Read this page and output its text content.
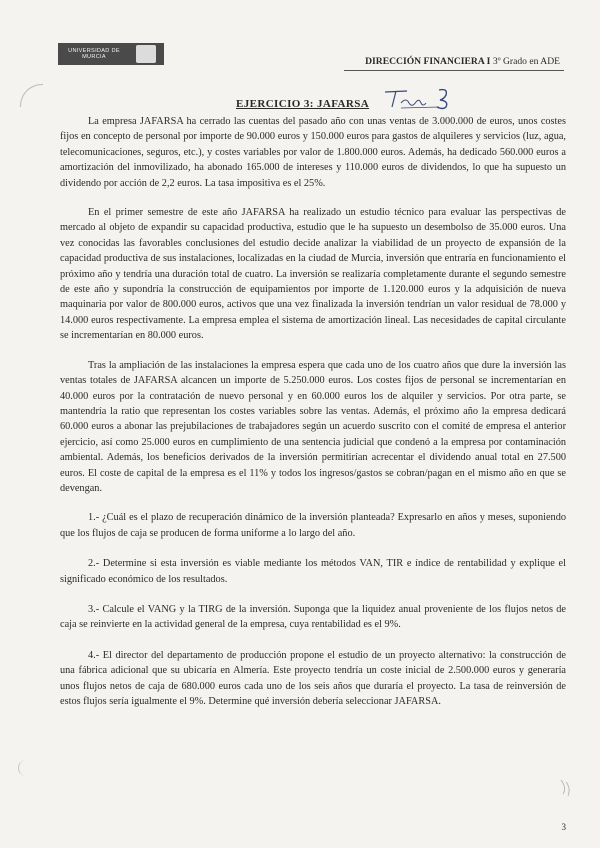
UNIVERSIDAD DE
MURCIA	DIRECCIÓN FINANCIERA I 3º Grado en ADE
EJERCICIO 3: JAFARSA

La empresa JAFARSA ha cerrado las cuentas del pasado año con unas ventas de 3.000.000 de euros, unos costes fijos en concepto de personal por importe de 90.000 euros y 150.000 euros para gastos de alquileres y servicios (luz, agua, telecomunicaciones, seguros, etc.), y costes variables por valor de 1.800.000 euros. Además, ha dedicado 560.000 euros a amortización del inmovilizado, ha abonado 165.000 de intereses y 110.000 euros de dividendos, lo que ha supuesto un dividendo por acción de 2,2 euros. La tasa impositiva es el 25%.

En el primer semestre de este año JAFARSA ha realizado un estudio técnico para evaluar las perspectivas de mercado al objeto de expandir su capacidad productiva, estudio que le ha supuesto un desembolso de 35.000 euros. Una vez conocidas las favorables conclusiones del estudio decide analizar la viabilidad de un proyecto de expansión de la capacidad productiva de sus instalaciones, localizadas en la ciudad de Murcia, inversión que entraría en funcionamiento el próximo año y tendría una duración total de cuatro. La inversión se realizaría completamente durante el segundo semestre de este año y supondría la construcción de equipamientos por importe de 1.120.000 euros y la adquisición de nueva maquinaria por valor de 800.000 euros, activos que una vez finalizada la inversión tendrían un valor residual de 78.000 y 14.000 euros respectivamente. La empresa emplea el sistema de amortización lineal. Las necesidades de capital circulante se incrementarían en 80.000 euros.

Tras la ampliación de las instalaciones la empresa espera que cada uno de los cuatro años que dure la inversión las ventas totales de JAFARSA alcancen un importe de 5.250.000 euros. Los costes fijos de personal se incrementarían en 40.000 euros por la contratación de nuevo personal y en 60.000 euros los de alquiler y servicios. Por otra parte, se mantendría la ratio que representan los costes variables sobre las ventas. Además, el próximo año la empresa dedicará 60.000 euros a abonar las prejubilaciones de trabajadores según un acuerdo suscrito con el comité de empresa el anterior ejercicio, así como 25.000 euros en cumplimiento de una sentencia judicial que condenó a la empresa por contaminación ambiental. Además, los beneficios derivados de la inversión permitirían acrecentar el dividendo anual total en 27.500 euros. El coste de capital de la empresa es el 11% y todos los ingresos/gastos se cobran/pagan en el mismo año en que se devengan.

1.- ¿Cuál es el plazo de recuperación dinámico de la inversión planteada? Expresarlo en años y meses, suponiendo que los flujos de caja se producen de forma uniforme a lo largo del año.

2.- Determine si esta inversión es viable mediante los métodos VAN, TIR e índice de rentabilidad y explique el significado económico de los resultados.

3.- Calcule el VANG y la TIRG de la inversión. Suponga que la liquidez anual proveniente de los flujos netos de caja se reinvierte en la actividad general de la empresa, cuya rentabilidad es el 9%.

4.- El director del departamento de producción propone el estudio de un proyecto alternativo: la construcción de una fábrica adicional que su ubicaría en Almería. Este proyecto tendría un coste inicial de 2.500.000 euros y generaría unos flujos netos de caja de 680.000 euros cada uno de los seis años que duraría el proyecto. La tasa de reinversión de estos flujos sería igualmente el 9%. Determine qué inversión debería seleccionar JAFARSA.

3
